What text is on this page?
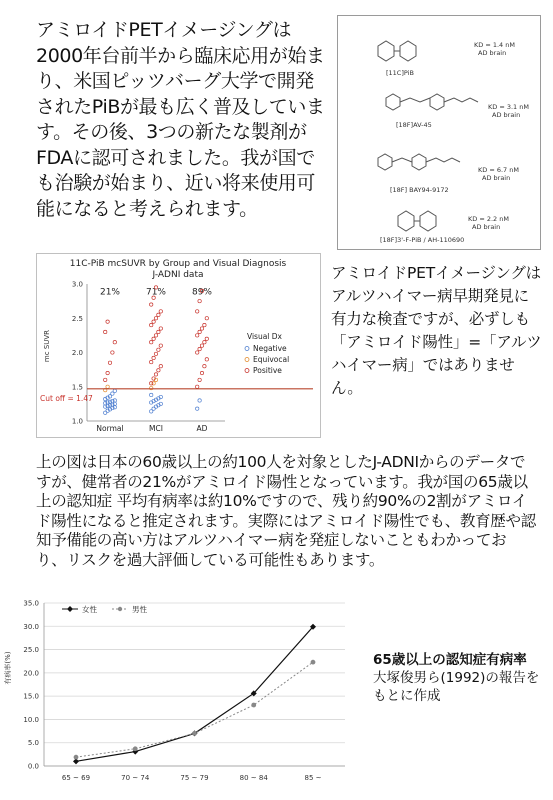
アミロイドPETイメージングは2000年台前半から臨床応用が始まり、米国ピッツバーグ大学で開発されたPiBが最も広く普及しています。その後、3つの新たな製剤がFDAに認可されました。我が国でも治験が始まり、近い将来使用可能になると考えられます。
[11C]PiB
KD = 1.4 nM
AD brain
[18F]AV-45
KD = 3.1 nM
AD brain
[18F] BAY94-9172
KD = 6.7 nM
AD brain
[18F]3'-F-PiB / AH-110690
KD = 2.2 nM
AD brain
11C-PiB mcSUVR by Group and Visual Diagnosis
J-ADNI data
mc SUVR
1.0
1.5
2.0
2.5
3.0
Normal
21%
MCI
71%
AD
89%
Cut off = 1.47
Visual Dx
Negative
Equivocal
Positive
アミロイドPETイメージングはアルツハイマー病早期発見に有力な検査ですが、必ずしも「アミロイド陽性」=「アルツハイマー病」ではありません。
上の図は日本の60歳以上の約100人を対象としたJ-ADNIからのデータですが、健常者の21%がアミロイド陽性となっています。我が国の65歳以上の認知症 平均有病率は約10%ですので、残り約90%の2割がアミロイド陽性になると推定されます。実際にはアミロイド陽性でも、教育歴や認知予備能の高い方はアルツハイマー病を発症しないこともわかっており、リスクを過大評価している可能性もあります。
有病率(%)
0.0
5.0
10.0
15.0
20.0
25.0
30.0
35.0
65 ~ 69	70 ~ 74	75 ~ 79	80 ~ 84	85 ~
女性	男性
65歳以上の認知症有病率
大塚俊男ら(1992)の報告をもとに作成
